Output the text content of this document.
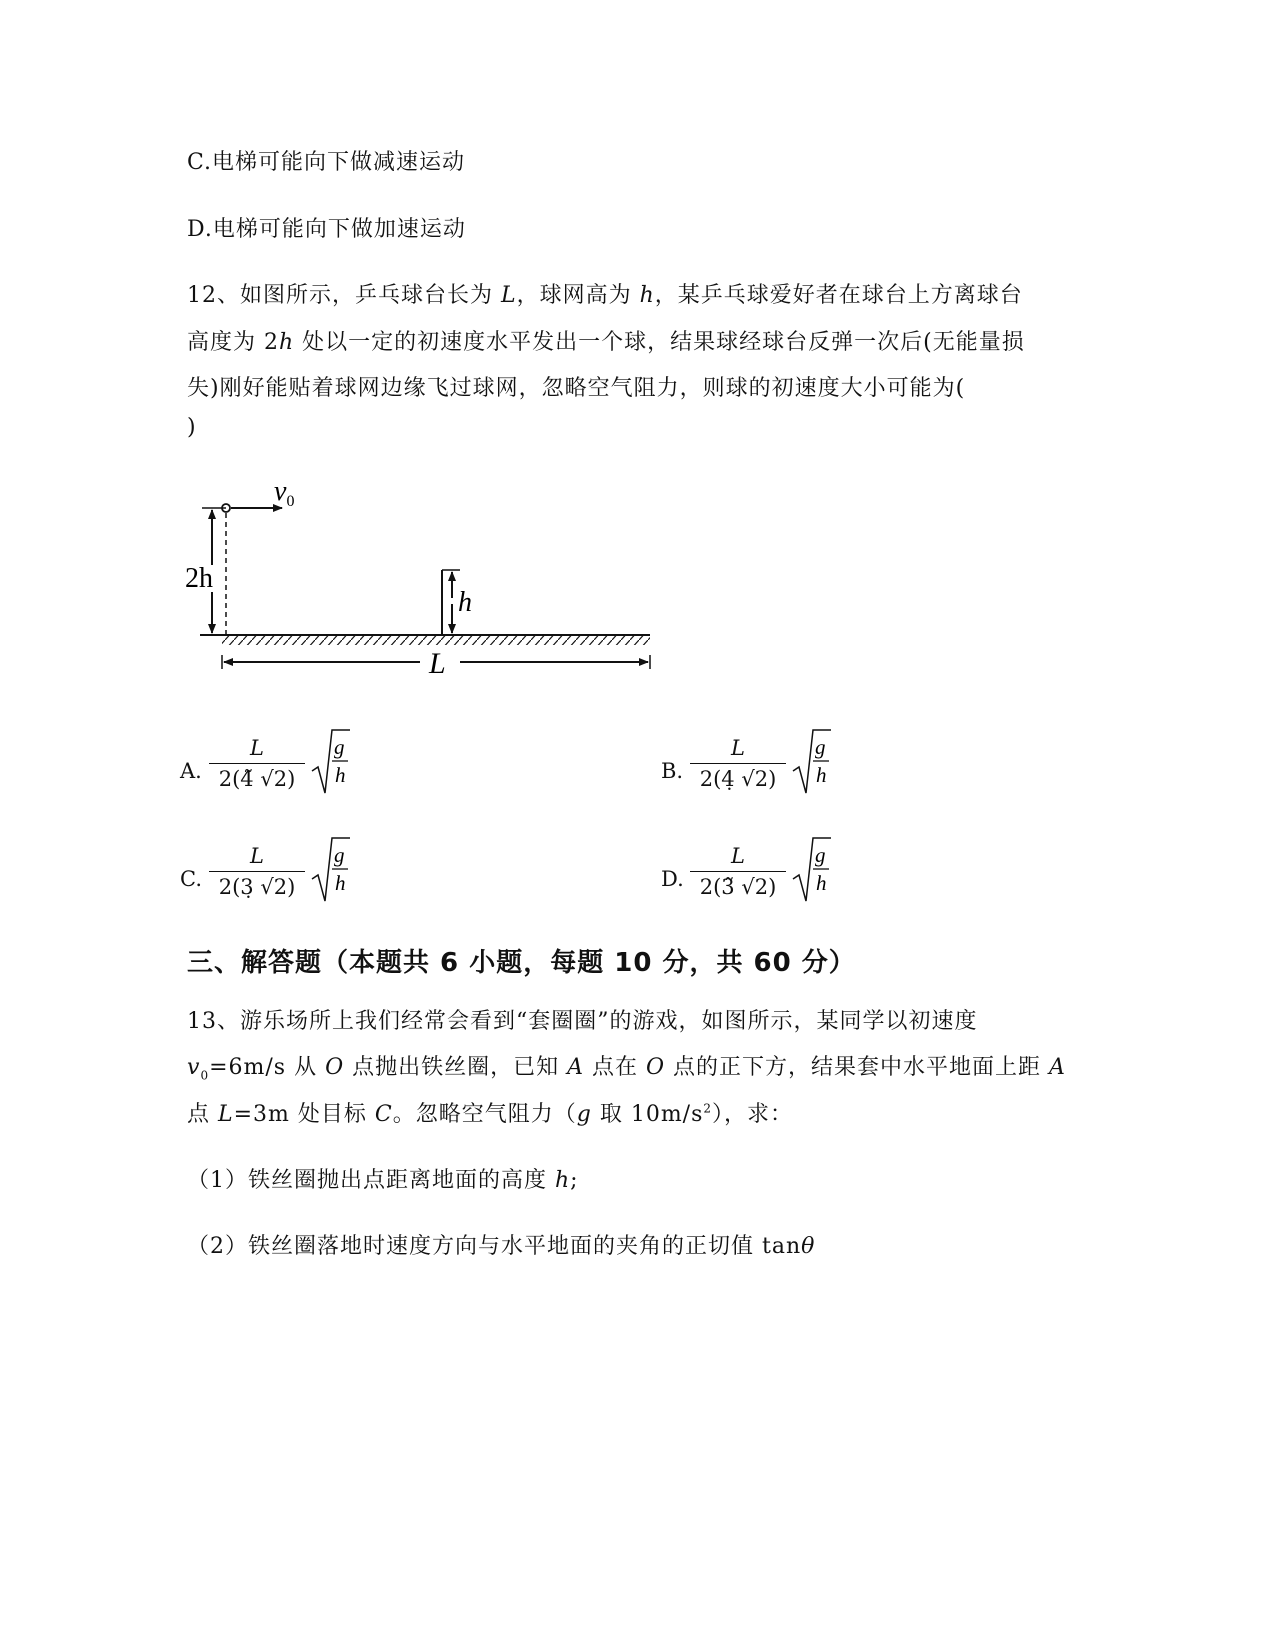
C.电梯可能向下做减速运动
D.电梯可能向下做加速运动
12、如图所示，乒乓球台长为 L，球网高为 h，某乒乓球爱好者在球台上方离球台
高度为 2h 处以一定的初速度水平发出一个球，结果球经球台反弹一次后(无能量损
失)刚好能贴着球网边缘飞过球网，忽略空气阻力，则球的初速度大小可能为(
)
$v_0$
2h
h
L
A.
L
2(4̃ √2)
g
h	B.
L
2(4̣ √2)
g
h
C.
L
2(3̣ √2)
g
h	D.
L
2(3̃ √2)
g
h
三、解答题（本题共 6 小题，每题 10 分，共 60 分）
13、游乐场所上我们经常会看到“套圈圈”的游戏，如图所示，某同学以初速度
$v_0=6m/s$ 从 O 点抛出铁丝圈，已知 A 点在 O 点的正下方，结果套中水平地面上距 A
点 L=3m 处目标 C。忽略空气阻力（g 取 $10m/s^2$），求：
（1）铁丝圈抛出点距离地面的高度 h;
（2）铁丝圈落地时速度方向与水平地面的夹角的正切值 tanθ
